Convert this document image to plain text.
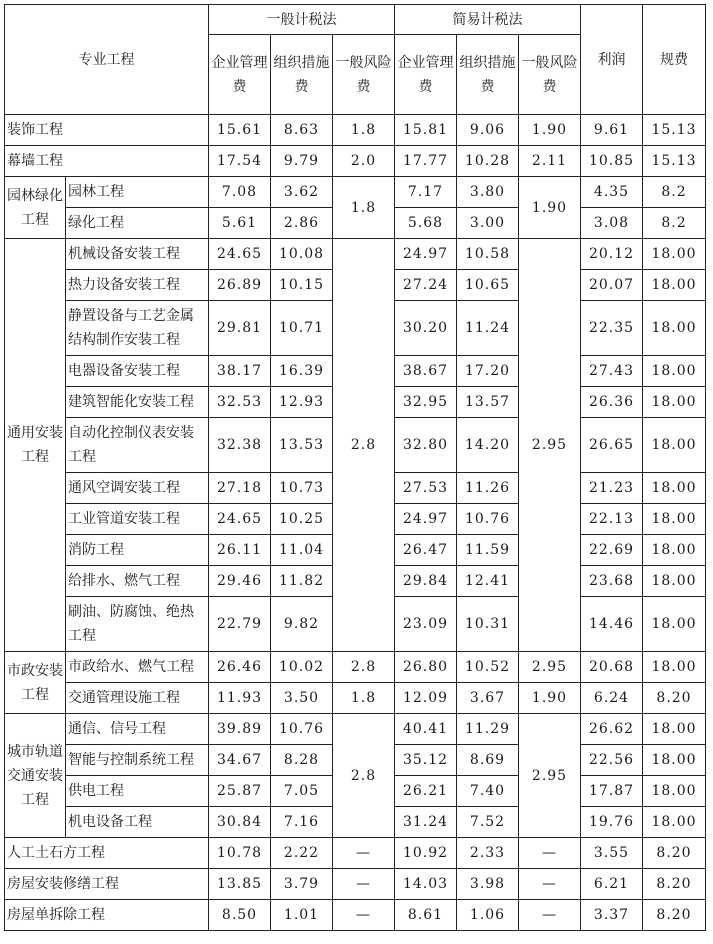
专业工程		一般计税法			简易计税法			利润	规费
		企业管理费	组织措施费	一般风险费	企业管理费	组织措施费	一般风险费		
装饰工程		15.61	8.63	1.8	15.81	9.06	1.90	9.61	15.13
幕墙工程		17.54	9.79	2.0	17.77	10.28	2.11	10.85	15.13
园林绿化工程	园林工程	7.08	3.62	1.8	7.17	3.80	1.90	4.35	8.2
	绿化工程	5.61	2.86		5.68	3.00		3.08	8.2
通用安装工程	机械设备安装工程	24.65	10.08	2.8	24.97	10.58	2.95	20.12	18.00
	热力设备安装工程	26.89	10.15		27.24	10.65		20.07	18.00
	静置设备与工艺金属结构制作安装工程	29.81	10.71		30.20	11.24		22.35	18.00
	电器设备安装工程	38.17	16.39		38.67	17.20		27.43	18.00
	建筑智能化安装工程	32.53	12.93		32.95	13.57		26.36	18.00
	自动化控制仪表安装工程	32.38	13.53		32.80	14.20		26.65	18.00
	通风空调安装工程	27.18	10.73		27.53	11.26		21.23	18.00
	工业管道安装工程	24.65	10.25		24.97	10.76		22.13	18.00
	消防工程	26.11	11.04		26.47	11.59		22.69	18.00
	给排水、燃气工程	29.46	11.82		29.84	12.41		23.68	18.00
	刷油、防腐蚀、绝热工程	22.79	9.82		23.09	10.31		14.46	18.00
市政安装工程	市政给水、燃气工程	26.46	10.02	2.8	26.80	10.52	2.95	20.68	18.00
	交通管理设施工程	11.93	3.50	1.8	12.09	3.67	1.90	6.24	8.20
城市轨道交通安装工程	通信、信号工程	39.89	10.76	2.8	40.41	11.29	2.95	26.62	18.00
	智能与控制系统工程	34.67	8.28		35.12	8.69		22.56	18.00
	供电工程	25.87	7.05		26.21	7.40		17.87	18.00
	机电设备工程	30.84	7.16		31.24	7.52		19.76	18.00
人工土石方工程		10.78	2.22	—	10.92	2.33	—	3.55	8.20
房屋安装修缮工程		13.85	3.79	—	14.03	3.98	—	6.21	8.20
房屋单拆除工程		8.50	1.01	—	8.61	1.06	—	3.37	8.20
